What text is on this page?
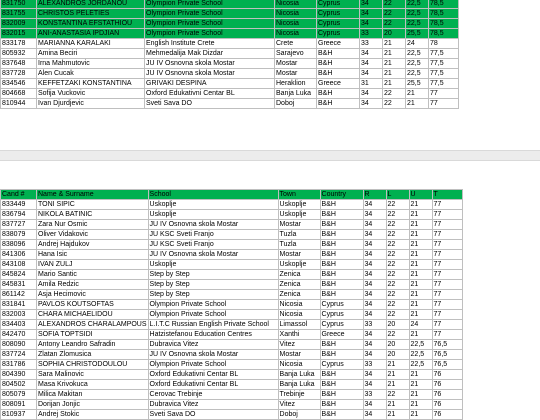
831750	ALEXANDROS JORDANOU	Olympion Private School	Nicosia	Cyprus	34	22	22,5	78,5
831755	CHRISTOS PELETIES	Olympion Private School	Nicosia	Cyprus	34	22	22,5	78,5
832009	KONSTANTINA EFSTATHIOU	Olympion Private School	Nicosia	Cyprus	34	22	22,5	78,5
832015	ANI-ANASTASIA IPDJIAN	Olympion Private School	Nicosia	Cyprus	33	20	25,5	78,5
833178	MARIANNA KARALAKI	English Institute Crete	Crete	Greece	33	21	24	78
805932	Amina Beciri	Mehmedalija Mak Dizdar	Sarajevo	B&H	34	21	22,5	77,5
837648	Irna Mahmutovic	JU IV Osnovna skola Mostar	Mostar	B&H	34	21	22,5	77,5
837728	Alen Cucak	JU IV Osnovna skola Mostar	Mostar	B&H	34	21	22,5	77,5
834546	KEFFETZAKI KONSTANTINA	GRIVAKI DESPINA	Heraklion	Greece	31	21	25,5	77,5
804668	Sofija Vuckovic	Oxford Edukativni Centar BL	Banja Luka	B&H	34	22	21	77
810944	Ivan Djurdjevic	Sveti Sava DO	Doboj	B&H	34	22	21	77
Cand #	Name & Surname	School	Town	Country	R	L	U	T
833449	TONI SIPIC	Uskoplje	Uskoplje	B&H	34	22	21	77
836794	NIKOLA BATINIC	Uskoplje	Uskoplje	B&H	34	22	21	77
837727	Zara Nur Osmic	JU IV Osnovna skola Mostar	Mostar	B&H	34	22	21	77
838079	Oliver Vidakovic	JU KSC Sveti Franjo	Tuzla	B&H	34	22	21	77
838096	Andrej Hajdukov	JU KSC Sveti Franjo	Tuzla	B&H	34	22	21	77
841306	Hana Isic	JU IV Osnovna skola Mostar	Mostar	B&H	34	22	21	77
843108	IVAN ZULJ	Uskoplje	Uskoplje	B&H	34	22	21	77
845824	Mario Santic	Step by Step	Zenica	B&H	34	22	21	77
845831	Amila Redzic	Step by Step	Zenica	B&H	34	22	21	77
861142	Asja Hecimovic	Step by Step	Zenica	B&H	34	22	21	77
831841	PAVLOS KOUTSOFTAS	Olympion Private School	Nicosia	Cyprus	34	22	21	77
832003	CHARA MICHAELIDOU	Olympion Private School	Nicosia	Cyprus	34	22	21	77
834403	ALEXANDROS CHARALAMPOUS	L.I.T.C Russian English Private School	Limassol	Cyprus	33	20	24	77
842470	SOFIA TOPTSIDI	Hatzistefanou Education Centres	Xanthi	Greece	34	22	21	77
808090	Antony Leandro Safradin	Dubravica Vitez	Vitez	B&H	34	20	22,5	76,5
837724	Zlatan Zlomusica	JU IV Osnovna skola Mostar	Mostar	B&H	34	20	22,5	76,5
831786	SOPHIA CHRISTODOULOU	Olympion Private School	Nicosia	Cyprus	33	21	22,5	76,5
804390	Sara Malinovic	Oxford Edukativni Centar BL	Banja Luka	B&H	34	21	21	76
804502	Masa Krivokuca	Oxford Edukativni Centar BL	Banja Luka	B&H	34	21	21	76
805079	Milica Makitan	Cerovac Trebinje	Trebinje	B&H	33	22	21	76
808091	Dorijan Jonjic	Dubravica Vitez	Vitez	B&H	34	21	21	76
810937	Andrej Stokic	Sveti Sava DO	Doboj	B&H	34	21	21	76
